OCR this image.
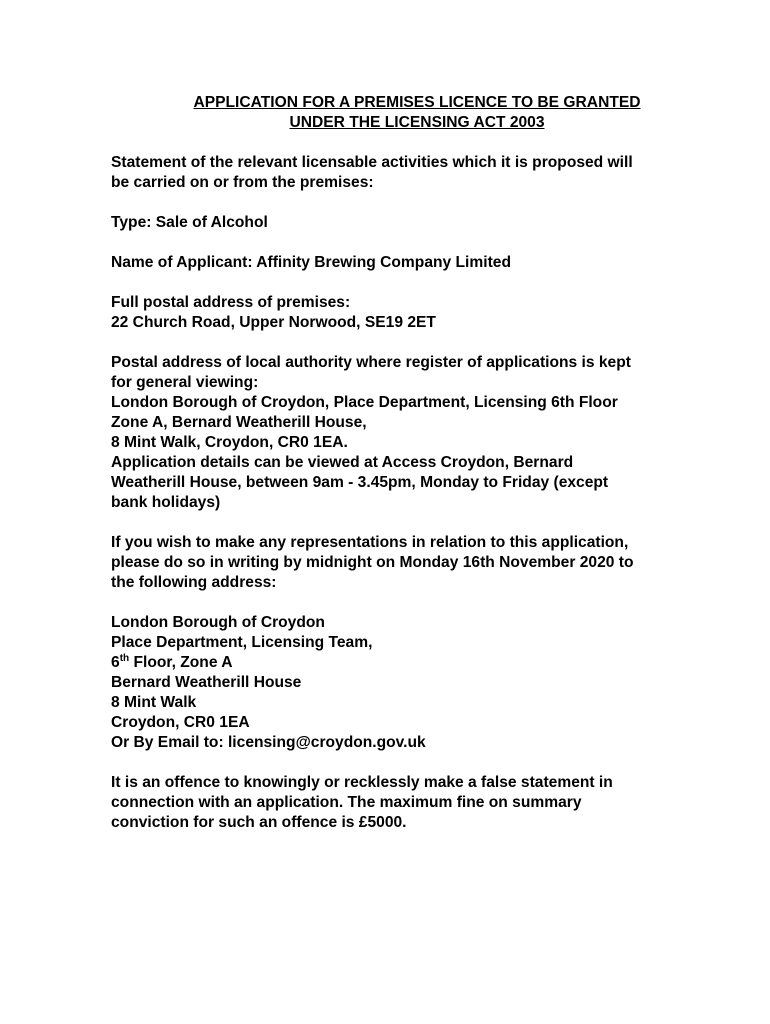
APPLICATION FOR A PREMISES LICENCE TO BE GRANTED
UNDER THE LICENSING ACT 2003
Statement of the relevant licensable activities which it is proposed will
be carried on or from the premises:
Type: Sale of Alcohol
Name of Applicant: Affinity Brewing Company Limited
Full postal address of premises:
22 Church Road, Upper Norwood, SE19 2ET
Postal address of local authority where register of applications is kept
for general viewing:
London Borough of Croydon, Place Department, Licensing 6th Floor
Zone A, Bernard Weatherill House,
8 Mint Walk, Croydon, CR0 1EA.
Application details can be viewed at Access Croydon, Bernard
Weatherill House, between 9am - 3.45pm, Monday to Friday (except
bank holidays)
If you wish to make any representations in relation to this application,
please do so in writing by midnight on Monday 16th November 2020 to
the following address:
London Borough of Croydon
Place Department, Licensing Team,
6th Floor, Zone A
Bernard Weatherill House
8 Mint Walk
Croydon, CR0 1EA
Or By Email to: licensing@croydon.gov.uk
It is an offence to knowingly or recklessly make a false statement in
connection with an application. The maximum fine on summary
conviction for such an offence is £5000.
